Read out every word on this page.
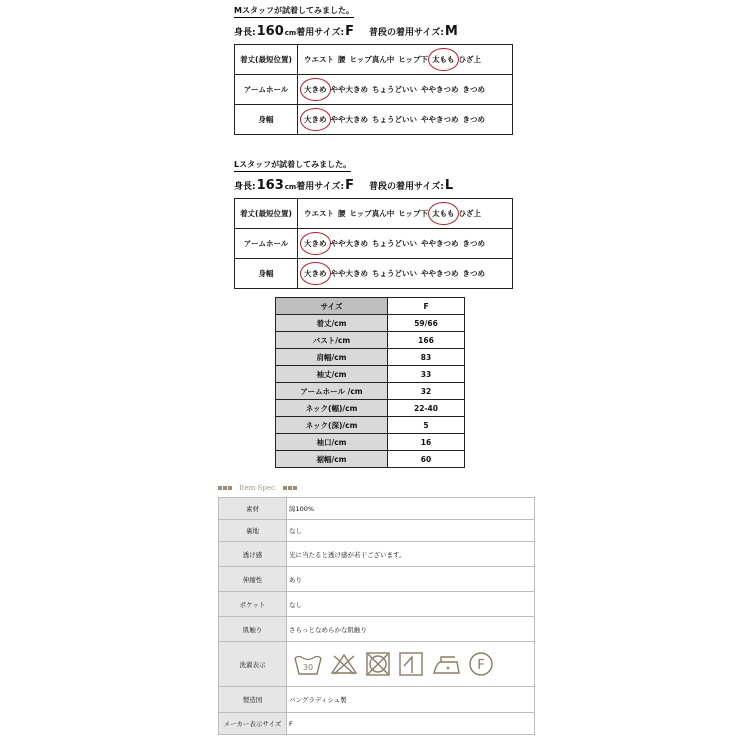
Mスタッフが試着してみました。
身長: 160 cm 着用サイズ: F 普段の着用サイズ: M
着丈(最短位置)	ウエスト 腰 ヒップ真ん中 ヒップ下 太もも ひざ上
アームホール	大きめ やや大きめ ちょうどいい ややきつめ きつめ
身幅	大きめ やや大きめ ちょうどいい ややきつめ きつめ
Lスタッフが試着してみました。
身長: 163 cm 着用サイズ: F 普段の着用サイズ: L
着丈(最短位置)	ウエスト 腰 ヒップ真ん中 ヒップ下 太もも ひざ上
アームホール	大きめ やや大きめ ちょうどいい ややきつめ きつめ
身幅	大きめ やや大きめ ちょうどいい ややきつめ きつめ
サイズ	F
着丈/cm	59/66
バスト/cm	166
肩幅/cm	83
袖丈/cm	33
アームホール /cm	32
ネック(幅)/cm	22-40
ネック(深)/cm	5
袖口/cm	16
裾幅/cm	60
Item Spec.
素材	綿100%
裏地	なし
透け感	光に当たると透け感が若干ございます。
伸縮性	あり
ポケット	なし
肌触り	さらっとなめらかな肌触り
洗濯表示	30 F

製造国	バングラディシュ製
メーカー表示サイズ	F
